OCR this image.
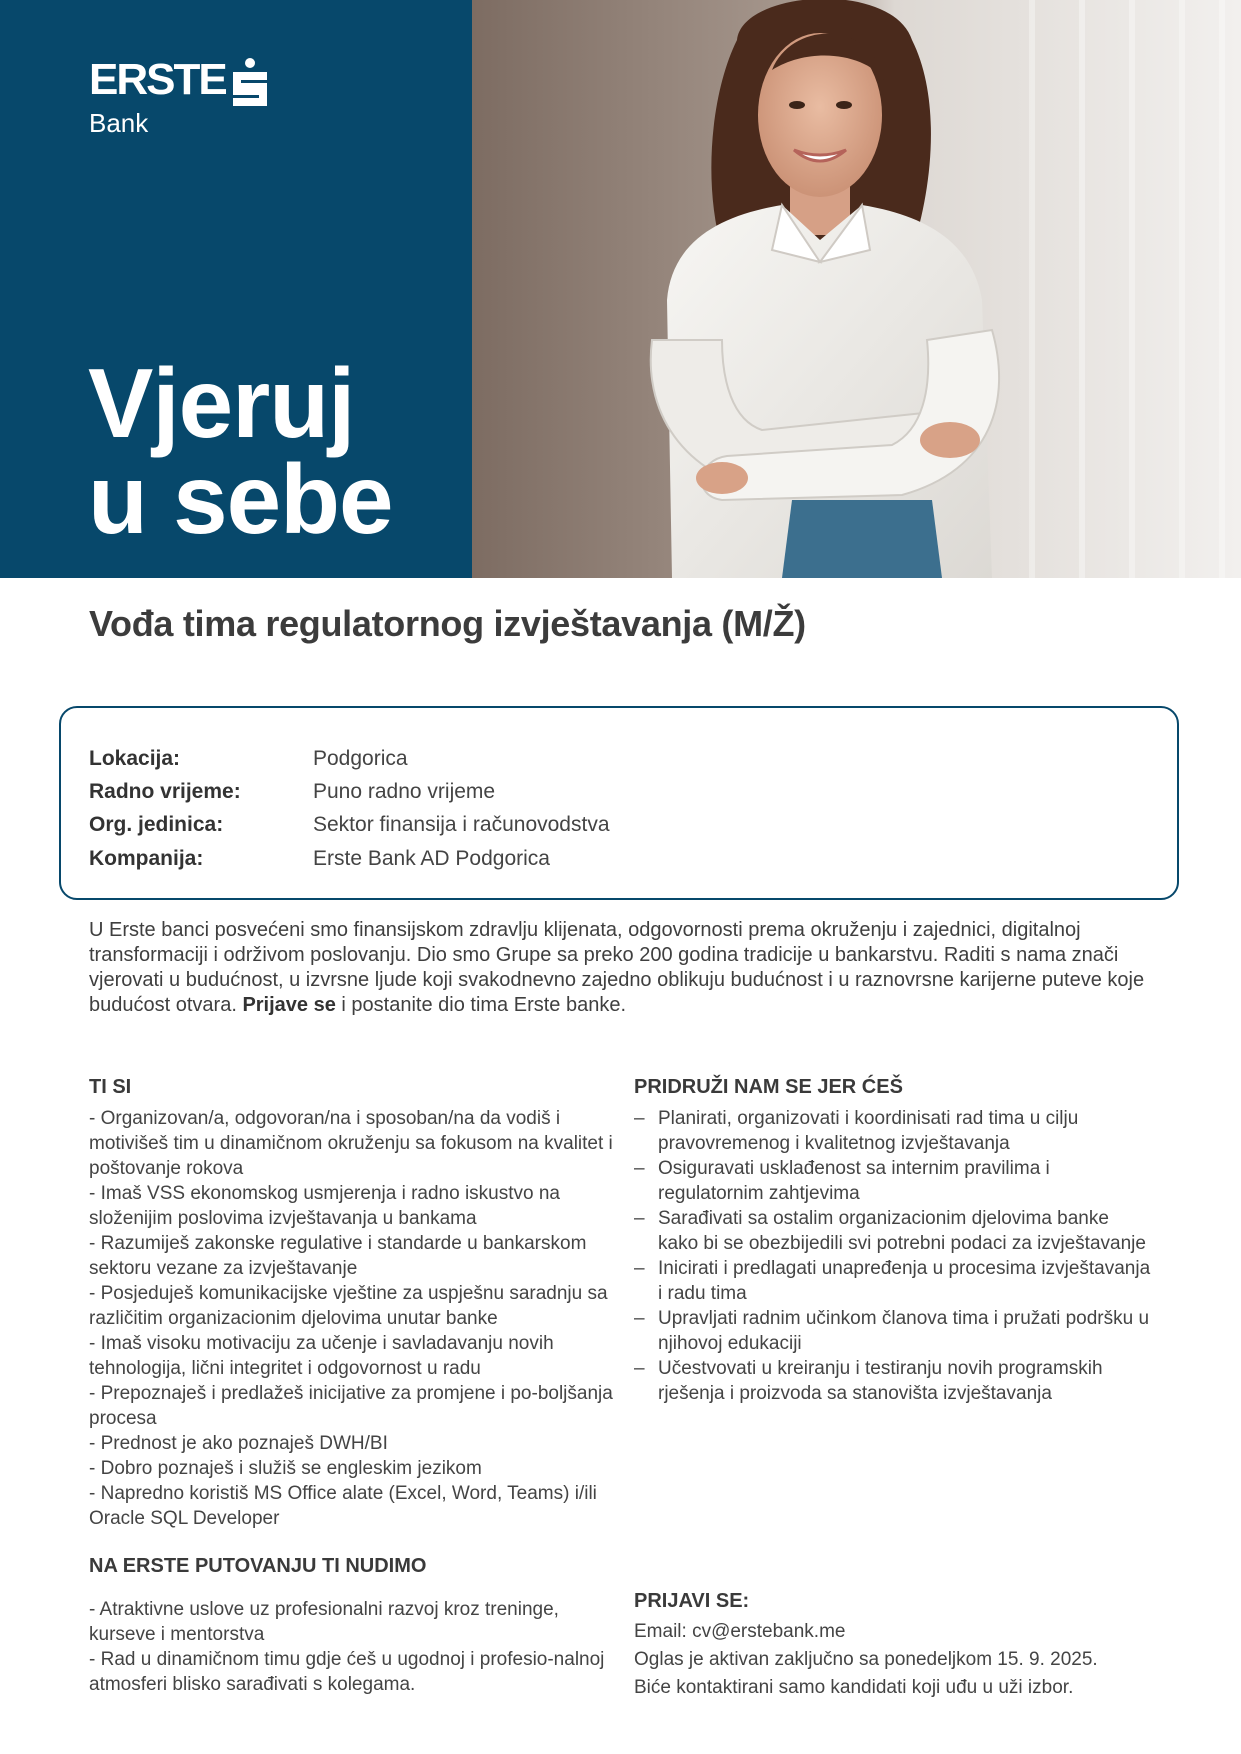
ERSTE
Bank
Vjeruj
u sebe
Vođa tima regulatornog izvještavanja (M/Ž)
Lokacija:	Podgorica
Radno vrijeme:	Puno radno vrijeme
Org. jedinica:	Sektor finansija i računovodstva
Kompanija:	Erste Bank AD Podgorica

U Erste banci posvećeni smo finansijskom zdravlju klijenata, odgovornosti prema okruženju i zajednici, digitalnoj transformaciji i održivom poslovanju. Dio smo Grupe sa preko 200 godina tradicije u bankarstvu. Raditi s nama znači vjerovati u budućnost, u izvrsne ljude koji svakodnevno zajedno oblikuju budućnost i u raznovrsne karijerne puteve koje budućost otvara. Prijave se i postanite dio tima Erste banke.

TI SI
- Organizovan/a, odgovoran/na i sposoban/na da vodiš i motivišeš tim u dinamičnom okruženju sa fokusom na kvalitet i poštovanje rokova
- Imaš VSS ekonomskog usmjerenja i radno iskustvo na složenijim poslovima izvještavanja u bankama
- Razumiješ zakonske regulative i standarde u bankarskom sektoru vezane za izvještavanje
- Posjeduješ komunikacijske vještine za uspješnu saradnju sa različitim organizacionim djelovima unutar banke
- Imaš visoku motivaciju za učenje i savladavanju novih tehnologija, lični integritet i odgovornost u radu
- Prepoznaješ i predlažeš inicijative za promjene i po-boljšanja procesa
- Prednost je ako poznaješ DWH/BI
- Dobro poznaješ i služiš se engleskim jezikom
- Napredno koristiš MS Office alate (Excel, Word, Teams) i/ili Oracle SQL Developer
NA ERSTE PUTOVANJU TI NUDIMO
- Atraktivne uslove uz profesionalni razvoj kroz treninge, kurseve i mentorstva
- Rad u dinamičnom timu gdje ćeš u ugodnoj i profesio-nalnoj atmosferi blisko sarađivati s kolegama.
PRIDRUŽI NAM SE JER ĆEŠ
– Planirati, organizovati i koordinisati rad tima u cilju pravovremenog i kvalitetnog izvještavanja
– Osiguravati usklađenost sa internim pravilima i regulatornim zahtjevima
– Sarađivati sa ostalim organizacionim djelovima banke kako bi se obezbijedili svi potrebni podaci za izvještavanje
– Inicirati i predlagati unapređenja u procesima izvještavanja i radu tima
– Upravljati radnim učinkom članova tima i pružati podršku u njihovoj edukaciji
– Učestvovati u kreiranju i testiranju novih programskih rješenja i proizvoda sa stanovišta izvještavanja
PRIJAVI SE:

Email: cv@erstebank.me

Oglas je aktivan zaključno sa ponedeljkom 15. 9. 2025.

Biće kontaktirani samo kandidati koji uđu u uži izbor.
